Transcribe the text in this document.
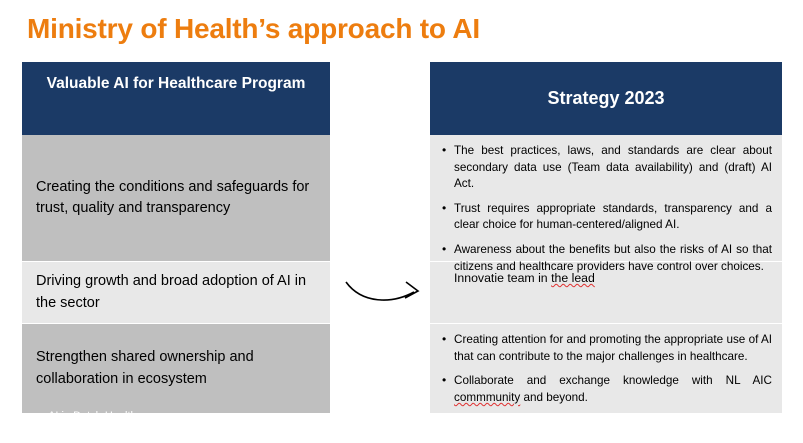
Ministry of Health’s approach to AI
Valuable AI for Healthcare Program
Creating the conditions and safeguards for trust, quality and transparency
Driving growth and broad adoption of AI in the sector
Strengthen shared ownership and collaboration in ecosystem
Strategy 2023
• The best practices, laws, and standards are clear about secondary data use (Team data availability) and (draft) AI Act.
• Trust requires appropriate standards, transparency and a clear choice for human-centered/aligned AI.
• Awareness about the benefits but also the risks of AI so that citizens and healthcare providers have control over choices.
Innovatie team in the lead
• Creating attention for and promoting the appropriate use of AI that can contribute to the major challenges in healthcare.
• Collaborate and exchange knowledge with NL AIC commmunity and beyond.
AI in Dutch Healthcare
